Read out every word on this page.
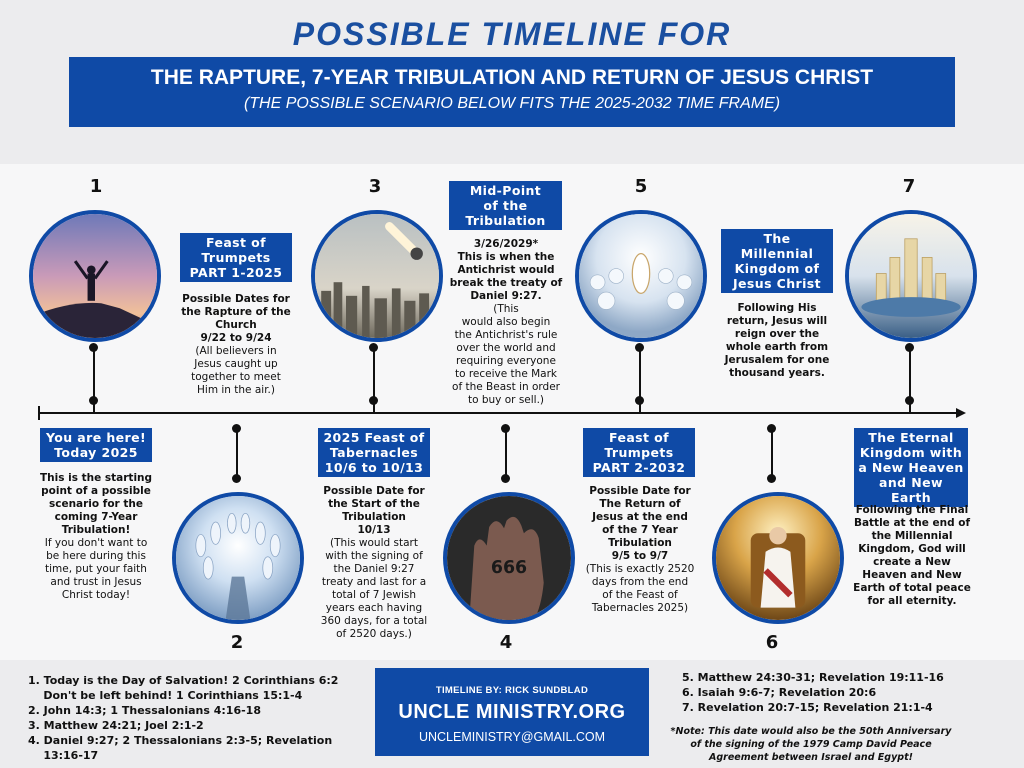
POSSIBLE TIMELINE FOR
THE RAPTURE, 7-YEAR TRIBULATION AND RETURN OF JESUS CHRIST
(THE POSSIBLE SCENARIO BELOW FITS THE 2025-2032 TIME FRAME)
1
2
3
4
5
6
7
666
You are here!
Today 2025
Feast of
Trumpets
PART 1-2025
2025 Feast of
Tabernacles
10/6 to 10/13
Mid-Point
of the
Tribulation
Feast of
Trumpets
PART 2-2032
The Millennial
Kingdom of
Jesus Christ
The Eternal
Kingdom with
a New Heaven
and New Earth
This is the starting
point of a possible
scenario for the
coming 7-Year
Tribulation!
If you don't want to
be here during this
time, put your faith
and trust in Jesus
Christ today!
Possible Dates for
the Rapture of the
Church
9/22 to 9/24
(All believers in
Jesus caught up
together to meet
Him in the air.)
Possible Date for
the Start of the
Tribulation
10/13
(This would start
with the signing of
the Daniel 9:27
treaty and last for a
total of 7 Jewish
years each having
360 days, for a total
of 2520 days.)
3/26/2029*
This is when the
Antichrist would
break the treaty of
Daniel 9:27.
(This
would also begin
the Antichrist's rule
over the world and
requiring everyone
to receive the Mark
of the Beast in order
to buy or sell.)
Possible Date for
The Return of
Jesus at the end
of the 7 Year
Tribulation
9/5 to 9/7
(This is exactly 2520
days from the end
of the Feast of
Tabernacles 2025)
Following His
return, Jesus will
reign over the
whole earth from
Jerusalem for one
thousand years.
Following the Final
Battle at the end of
the Millennial
Kingdom, God will
create a New
Heaven and New
Earth of total peace
for all eternity.
1. Today is the Day of Salvation! 2 Corinthians 6:2
Don't be left behind! 1 Corinthians 15:1-4
2. John 14:3; 1 Thessalonians 4:16-18
3. Matthew 24:21; Joel 2:1-2
4. Daniel 9:27; 2 Thessalonians 2:3-5; Revelation
13:16-17
TIMELINE BY: RICK SUNDBLAD
UNCLE MINISTRY.ORG
UNCLEMINISTRY@GMAIL.COM
5. Matthew 24:30-31; Revelation 19:11-16
6. Isaiah 9:6-7; Revelation 20:6
7. Revelation 20:7-15; Revelation 21:1-4
*Note: This date would also be the 50th Anniversary
of the signing of the 1979 Camp David Peace
Agreement between Israel and Egypt!
